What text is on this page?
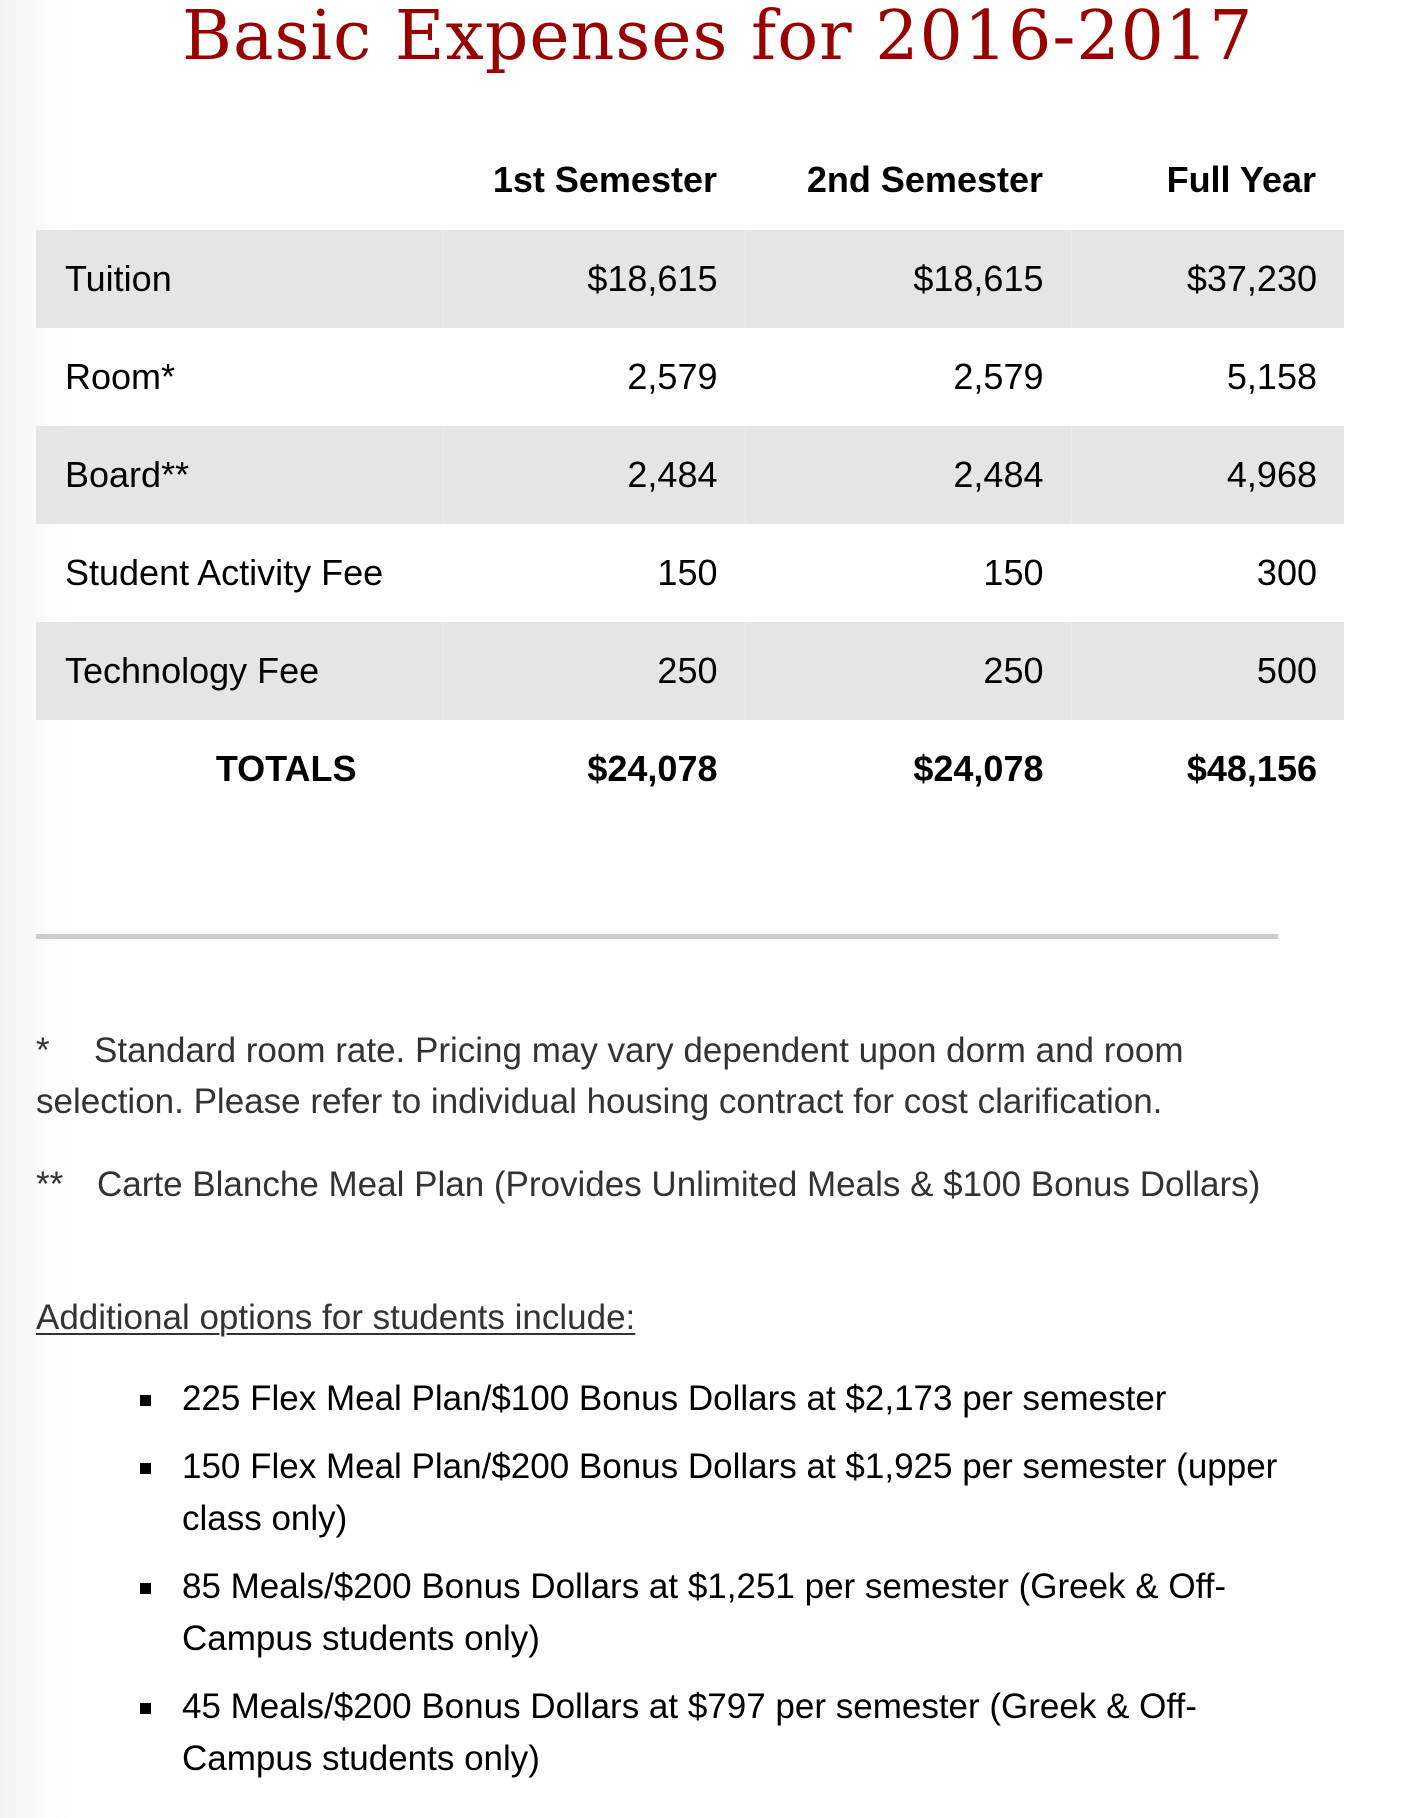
Basic Expenses for 2016-2017
	1st Semester	2nd Semester	Full Year
Tuition	$18,615	$18,615	$37,230
Room*	2,579	2,579	5,158
Board**	2,484	2,484	4,968
Student Activity Fee	150	150	300
Technology Fee	250	250	500
TOTALS	$24,078	$24,078	$48,156

* Standard room rate. Pricing may vary dependent upon dorm and room selection. Please refer to individual housing contract for cost clarification.

** Carte Blanche Meal Plan (Provides Unlimited Meals & $100 Bonus Dollars)

Additional options for students include:

225 Flex Meal Plan/$100 Bonus Dollars at $2,173 per semester
150 Flex Meal Plan/$200 Bonus Dollars at $1,925 per semester (upper class only)
85 Meals/$200 Bonus Dollars at $1,251 per semester (Greek & Off-Campus students only)
45 Meals/$200 Bonus Dollars at $797 per semester (Greek & Off-Campus students only)
